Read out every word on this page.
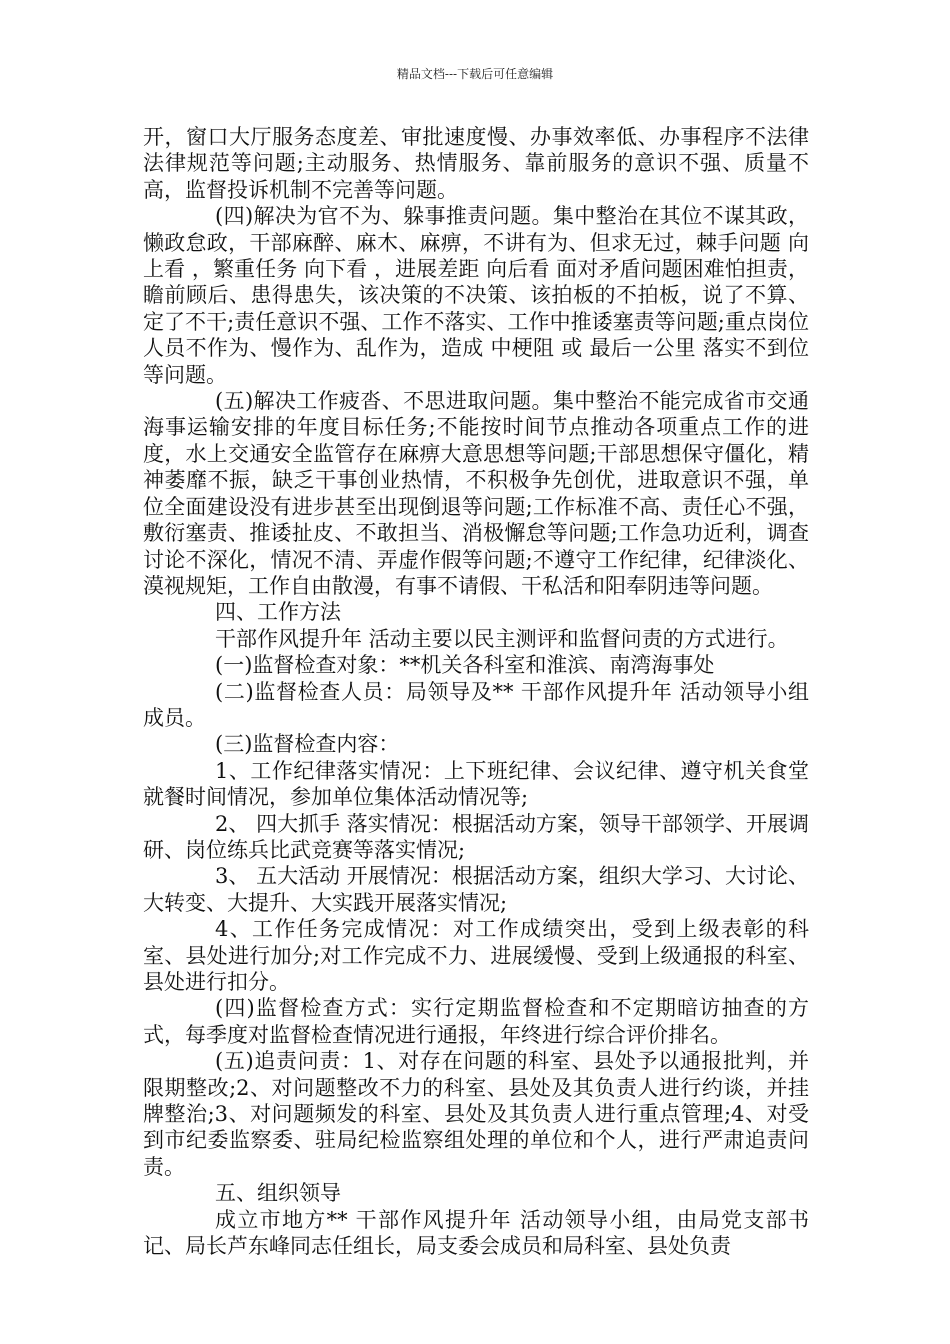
精品文档---下载后可任意编辑

开，窗口大厅服务态度差、审批速度慢、办事效率低、办事程序不法律法律规范等问题;主动服务、热情服务、靠前服务的意识不强、质量不高，监督投诉机制不完善等问题。

(四)解决为官不为、躲事推责问题。集中整治在其位不谋其政，懒政怠政，干部麻醉、麻木、麻痹，不讲有为、但求无过，棘手问题 向上看 ，繁重任务 向下看 ，进展差距 向后看 面对矛盾问题困难怕担责，瞻前顾后、患得患失，该决策的不决策、该拍板的不拍板，说了不算、定了不干;责任意识不强、工作不落实、工作中推诿塞责等问题;重点岗位人员不作为、慢作为、乱作为，造成 中梗阻 或 最后一公里 落实不到位等问题。

(五)解决工作疲沓、不思进取问题。集中整治不能完成省市交通海事运输安排的年度目标任务;不能按时间节点推动各项重点工作的进度，水上交通安全监管存在麻痹大意思想等问题;干部思想保守僵化，精神萎靡不振，缺乏干事创业热情，不积极争先创优，进取意识不强，单位全面建设没有进步甚至出现倒退等问题;工作标准不高、责任心不强，敷衍塞责、推诿扯皮、不敢担当、消极懈怠等问题;工作急功近利，调查讨论不深化，情况不清、弄虚作假等问题;不遵守工作纪律，纪律淡化、漠视规矩，工作自由散漫，有事不请假、干私活和阳奉阴违等问题。

四、工作方法

干部作风提升年 活动主要以民主测评和监督问责的方式进行。

(一)监督检查对象：**机关各科室和淮滨、南湾海事处

(二)监督检查人员：局领导及** 干部作风提升年 活动领导小组成员。

(三)监督检查内容：

1、工作纪律落实情况：上下班纪律、会议纪律、遵守机关食堂就餐时间情况，参加单位集体活动情况等;

2、 四大抓手 落实情况：根据活动方案，领导干部领学、开展调研、岗位练兵比武竞赛等落实情况;

3、 五大活动 开展情况：根据活动方案，组织大学习、大讨论、大转变、大提升、大实践开展落实情况;

4、工作任务完成情况：对工作成绩突出，受到上级表彰的科室、县处进行加分;对工作完成不力、进展缓慢、受到上级通报的科室、县处进行扣分。

(四)监督检查方式：实行定期监督检查和不定期暗访抽查的方式，每季度对监督检查情况进行通报，年终进行综合评价排名。

(五)追责问责：1、对存在问题的科室、县处予以通报批判，并限期整改;2、对问题整改不力的科室、县处及其负责人进行约谈，并挂牌整治;3、对问题频发的科室、县处及其负责人进行重点管理;4、对受到市纪委监察委、驻局纪检监察组处理的单位和个人，进行严肃追责问责。

五、组织领导

成立市地方** 干部作风提升年 活动领导小组，由局党支部书记、局长芦东峰同志任组长，局支委会成员和局科室、县处负责
